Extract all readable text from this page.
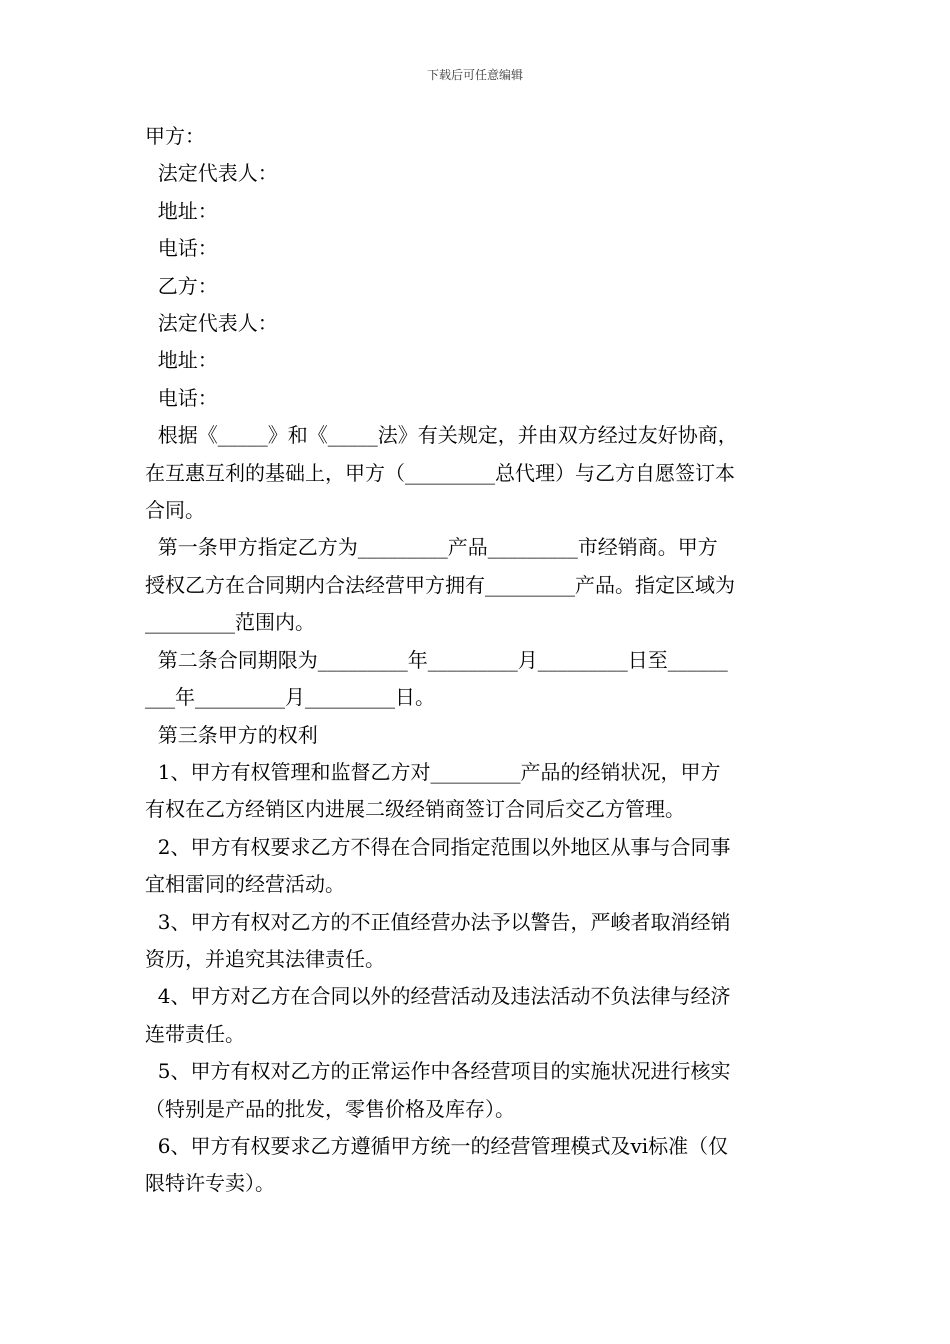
下载后可任意编辑

甲方：

法定代表人：

地址：

电话：

乙方：

法定代表人：

地址：

电话：

根据《_____》和《_____法》有关规定，并由双方经过友好协商，

在互惠互利的基础上，甲方（_________总代理）与乙方自愿签订本

合同。

第一条甲方指定乙方为_________产品_________市经销商。甲方

授权乙方在合同期内合法经营甲方拥有_________产品。指定区域为

_________范围内。

第二条合同期限为_________年_________月_________日至______

___年_________月_________日。

第三条甲方的权利

1、甲方有权管理和监督乙方对_________产品的经销状况，甲方

有权在乙方经销区内进展二级经销商签订合同后交乙方管理。

2、甲方有权要求乙方不得在合同指定范围以外地区从事与合同事

宜相雷同的经营活动。

3、甲方有权对乙方的不正值经营办法予以警告，严峻者取消经销

资历，并追究其法律责任。

4、甲方对乙方在合同以外的经营活动及违法活动不负法律与经济

连带责任。

5、甲方有权对乙方的正常运作中各经营项目的实施状况进行核实

（特别是产品的批发，零售价格及库存）。

6、甲方有权要求乙方遵循甲方统一的经营管理模式及vi标准（仅

限特许专卖）。
